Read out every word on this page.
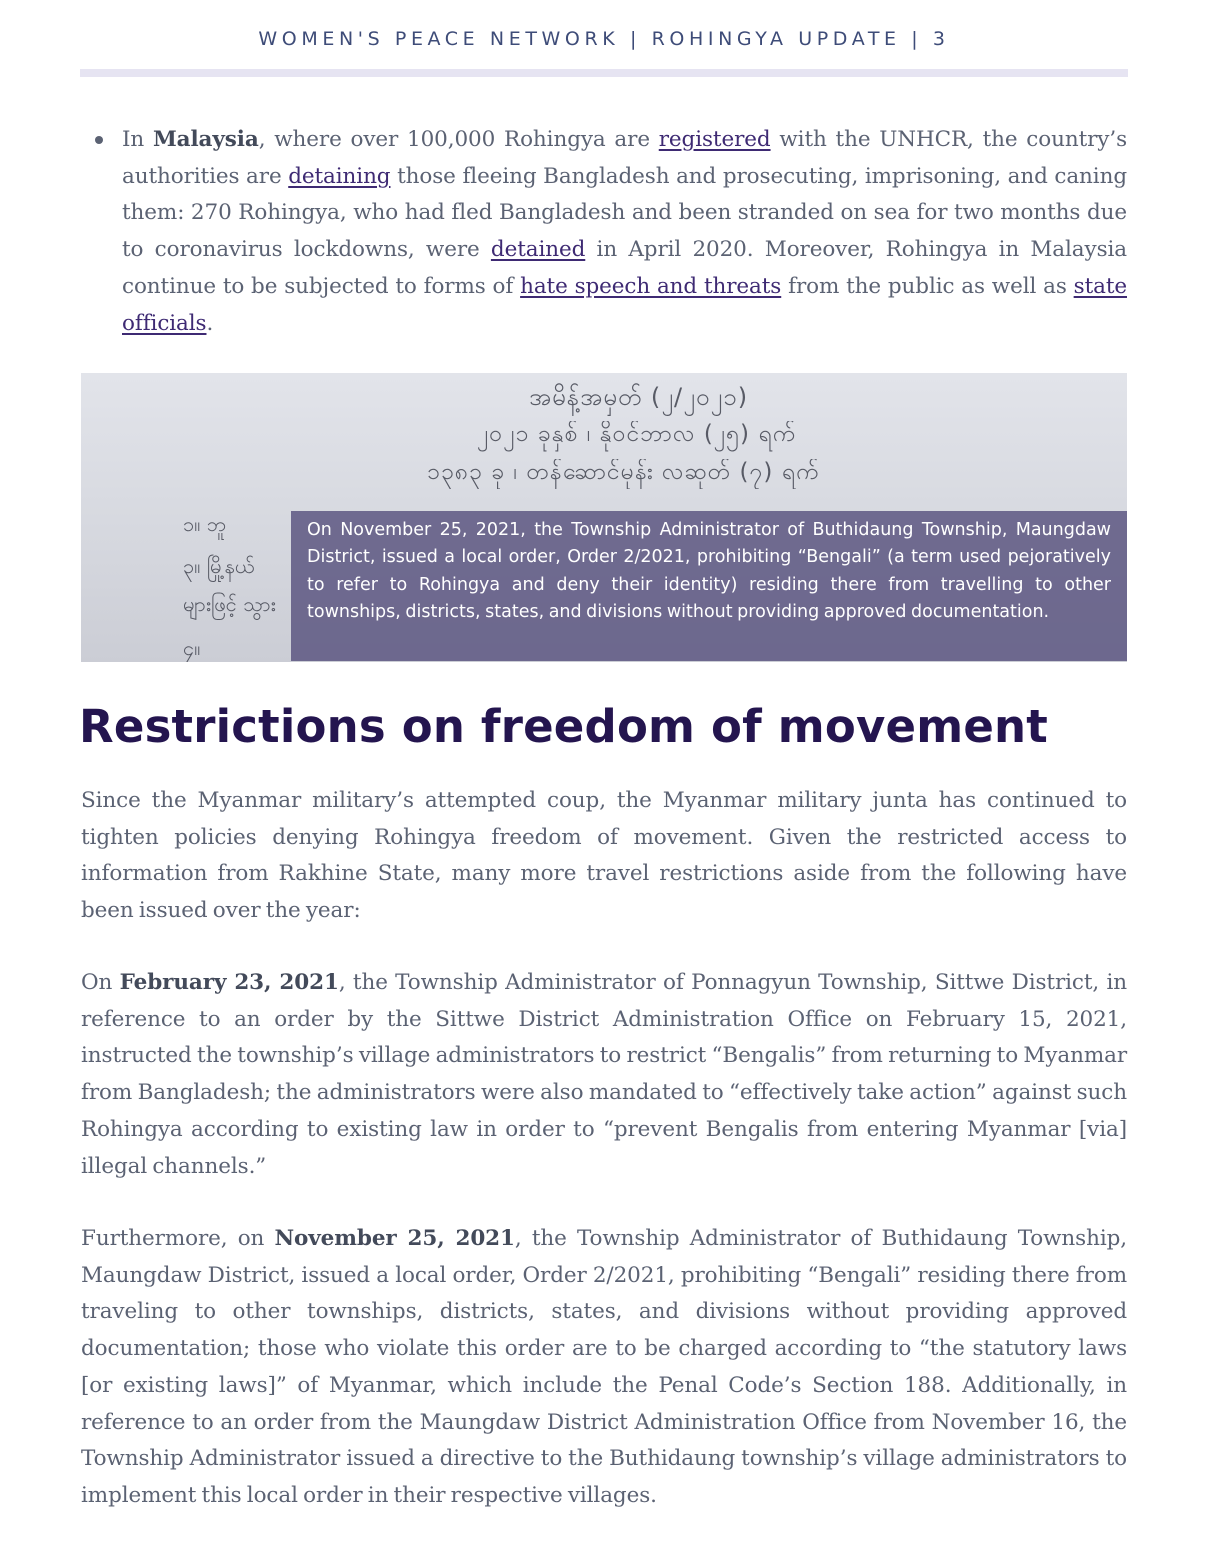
WOMEN'S PEACE NETWORK | ROHINGYA UPDATE | 3

In Malaysia, where over 100,000 Rohingya are registered with the UNHCR, the country’s authorities are detaining those fleeing Bangladesh and prosecuting, imprisoning, and caning them: 270 Rohingya, who had fled Bangladesh and been stranded on sea for two months due to coronavirus lockdowns, were detained in April 2020. Moreover, Rohingya in Malaysia continue to be subjected to forms of hate speech and threats from the public as well as state officials.

အမိန့်အမှတ် (၂/၂၀၂၁)
၂၀၂၁ ခုနှစ် ၊ နိုဝင်ဘာလ (၂၅) ရက်
၁၃၈၃ ခု ၊ တန်ဆောင်မုန်း လဆုတ် (၇) ရက်
၁။ ဘူ
၃။ မြို့နယ်
များဖြင့် သွား
၄။

On November 25, 2021, the Township Administrator of Buthidaung Township, Maungdaw District, issued a local order, Order 2/2021, prohibiting “Bengali” (a term used pejoratively to refer to Rohingya and deny their identity) residing there from travelling to other townships, districts, states, and divisions without providing approved documentation.

Restrictions on freedom of movement

Since the Myanmar military’s attempted coup, the Myanmar military junta has continued to tighten policies denying Rohingya freedom of movement. Given the restricted access to information from Rakhine State, many more travel restrictions aside from the following have been issued over the year:

On February 23, 2021, the Township Administrator of Ponnagyun Township, Sittwe District, in reference to an order by the Sittwe District Administration Office on February 15, 2021, instructed the township’s village administrators to restrict “Bengalis” from returning to Myanmar from Bangladesh; the administrators were also mandated to “effectively take action” against such Rohingya according to existing law in order to “prevent Bengalis from entering Myanmar [via] illegal channels.”

Furthermore, on November 25, 2021, the Township Administrator of Buthidaung Township, Maungdaw District, issued a local order, Order 2/2021, prohibiting “Bengali” residing there from traveling to other townships, districts, states, and divisions without providing approved documentation; those who violate this order are to be charged according to “the statutory laws [or existing laws]” of Myanmar, which include the Penal Code’s Section 188. Additionally, in reference to an order from the Maungdaw District Administration Office from November 16, the Township Administrator issued a directive to the Buthidaung township’s village administrators to implement this local order in their respective villages.
